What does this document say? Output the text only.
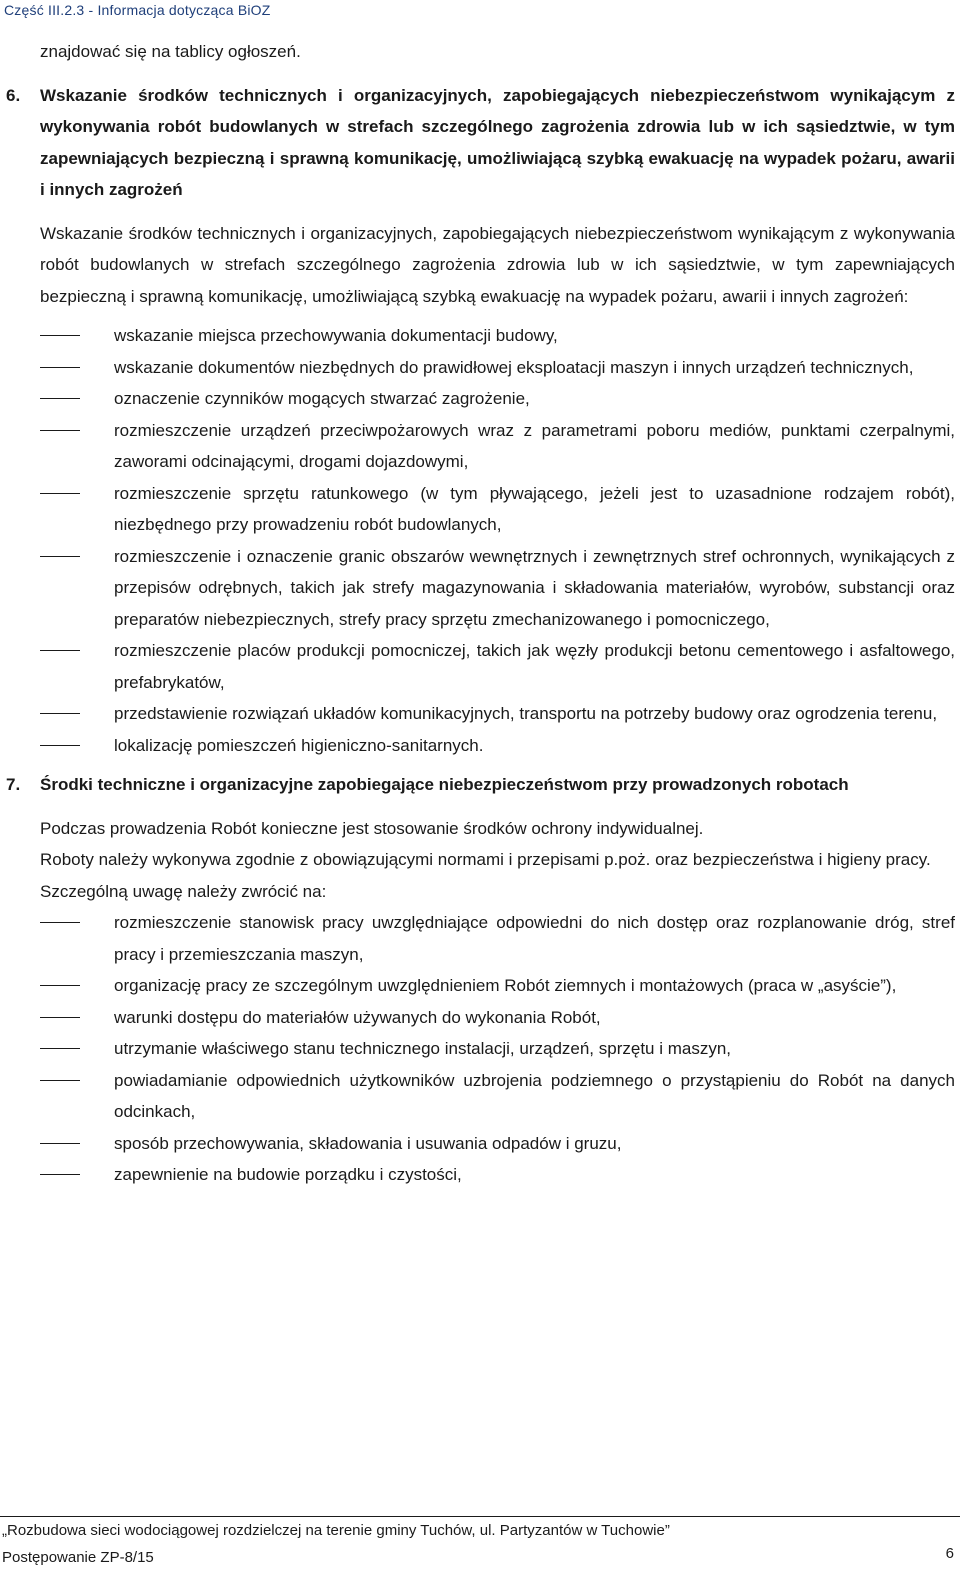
Część III.2.3 - Informacja dotycząca BiOZ

znajdować się na tablicy ogłoszeń.

6. Wskazanie środków technicznych i organizacyjnych, zapobiegających niebezpieczeństwom wynikającym z wykonywania robót budowlanych w strefach szczególnego zagrożenia zdrowia lub w ich sąsiedztwie, w tym zapewniających bezpieczną i sprawną komunikację, umożliwiającą szybką ewakuację na wypadek pożaru, awarii i innych zagrożeń

Wskazanie środków technicznych i organizacyjnych, zapobiegających niebezpieczeństwom wynikającym z wykonywania robót budowlanych w strefach szczególnego zagrożenia zdrowia lub w ich sąsiedztwie, w tym zapewniających bezpieczną i sprawną komunikację, umożliwiającą szybką ewakuację na wypadek pożaru, awarii i innych zagrożeń:

wskazanie miejsca przechowywania dokumentacji budowy,
wskazanie dokumentów niezbędnych do prawidłowej eksploatacji maszyn i innych urządzeń technicznych,
oznaczenie czynników mogących stwarzać zagrożenie,
rozmieszczenie urządzeń przeciwpożarowych wraz z parametrami poboru mediów, punktami czerpalnymi, zaworami odcinającymi, drogami dojazdowymi,
rozmieszczenie sprzętu ratunkowego (w tym pływającego, jeżeli jest to uzasadnione rodzajem robót), niezbędnego przy prowadzeniu robót budowlanych,
rozmieszczenie i oznaczenie granic obszarów wewnętrznych i zewnętrznych stref ochronnych, wynikających z przepisów odrębnych, takich jak strefy magazynowania i składowania materiałów, wyrobów, substancji oraz preparatów niebezpiecznych, strefy pracy sprzętu zmechanizowanego i pomocniczego,
rozmieszczenie placów produkcji pomocniczej, takich jak węzły produkcji betonu cementowego i asfaltowego, prefabrykatów,
przedstawienie rozwiązań układów komunikacyjnych, transportu na potrzeby budowy oraz ogrodzenia terenu,
lokalizację pomieszczeń higieniczno-sanitarnych.
7. Środki techniczne i organizacyjne zapobiegające niebezpieczeństwom przy prowadzonych robotach

Podczas prowadzenia Robót konieczne jest stosowanie środków ochrony indywidualnej.

Roboty należy wykonywa zgodnie z obowiązującymi normami i przepisami p.poż. oraz bezpieczeństwa i higieny pracy.

Szczególną uwagę należy zwrócić na:

rozmieszczenie stanowisk pracy uwzględniające odpowiedni do nich dostęp oraz rozplanowanie dróg, stref pracy i przemieszczania maszyn,
organizację pracy ze szczególnym uwzględnieniem Robót ziemnych i montażowych (praca w „asyście”),
warunki dostępu do materiałów używanych do wykonania Robót,
utrzymanie właściwego stanu technicznego instalacji, urządzeń, sprzętu i maszyn,
powiadamianie odpowiednich użytkowników uzbrojenia podziemnego o przystąpieniu do Robót na danych odcinkach,
sposób przechowywania, składowania i usuwania odpadów i gruzu,
zapewnienie na budowie porządku i czystości,
„Rozbudowa sieci wodociągowej rozdzielczej na terenie gminy Tuchów, ul. Partyzantów w Tuchowie”
Postępowanie ZP-8/15	6
